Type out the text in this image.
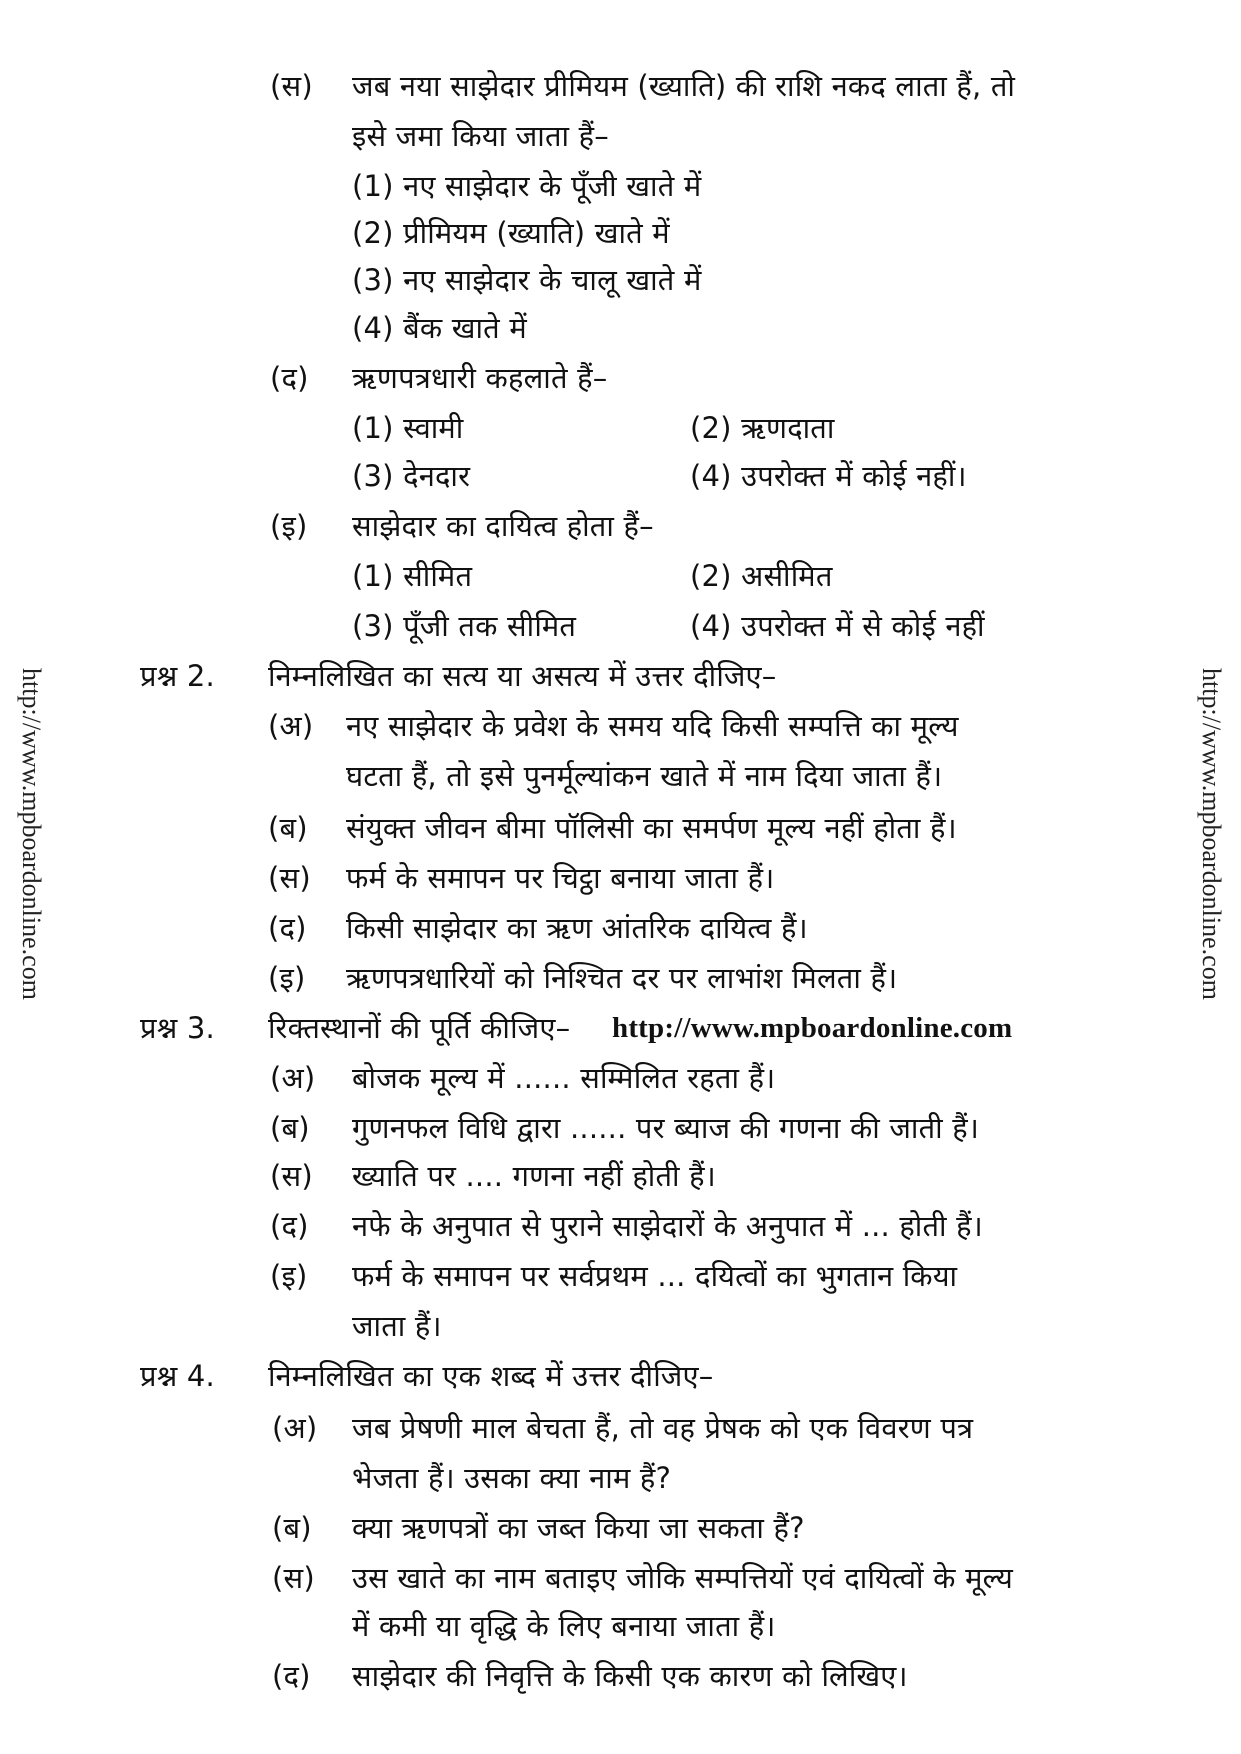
http://www.mpboardonline.com	http://www.mpboardonline.com
(स) जब नया साझेदार प्रीमियम (ख्याति) की राशि नकद लाता हैं, तो
इसे जमा किया जाता हैं–
(1) नए साझेदार के पूँजी खाते में
(2) प्रीमियम (ख्याति) खाते में
(3) नए साझेदार के चालू खाते में
(4) बैंक खाते में
(द) ऋणपत्रधारी कहलाते हैं–
(1) स्वामी	(2) ऋणदाता
(3) देनदार	(4) उपरोक्त में कोई नहीं।
(इ) साझेदार का दायित्व होता हैं–
(1) सीमित	(2) असीमित
(3) पूँजी तक सीमित	(4) उपरोक्त में से कोई नहीं
प्रश्न 2. निम्नलिखित का सत्य या असत्य में उत्तर दीजिए–
(अ) नए साझेदार के प्रवेश के समय यदि किसी सम्पत्ति का मूल्य
घटता हैं, तो इसे पुनर्मूल्यांकन खाते में नाम दिया जाता हैं।
(ब) संयुक्त जीवन बीमा पॉलिसी का समर्पण मूल्य नहीं होता हैं।
(स) फर्म के समापन पर चिट्ठा बनाया जाता हैं।
(द) किसी साझेदार का ऋण आंतरिक दायित्व हैं।
(इ) ऋणपत्रधारियों को निश्चित दर पर लाभांश मिलता हैं।
प्रश्न 3. रिक्तस्थानों की पूर्ति कीजिए– http://www.mpboardonline.com
(अ) बोजक मूल्य में ...... सम्मिलित रहता हैं।
(ब) गुणनफल विधि द्वारा ...... पर ब्याज की गणना की जाती हैं।
(स) ख्याति पर .... गणना नहीं होती हैं।
(द) नफे के अनुपात से पुराने साझेदारों के अनुपात में ... होती हैं।
(इ) फर्म के समापन पर सर्वप्रथम ... दयित्वों का भुगतान किया
जाता हैं।
प्रश्न 4. निम्नलिखित का एक शब्द में उत्तर दीजिए–
(अ) जब प्रेषणी माल बेचता हैं, तो वह प्रेषक को एक विवरण पत्र
भेजता हैं। उसका क्या नाम हैं?
(ब) क्या ऋणपत्रों का जब्त किया जा सकता हैं?
(स) उस खाते का नाम बताइए जोकि सम्पत्तियों एवं दायित्वों के मूल्य
में कमी या वृद्धि के लिए बनाया जाता हैं।
(द) साझेदार की निवृत्ति के किसी एक कारण को लिखिए।
